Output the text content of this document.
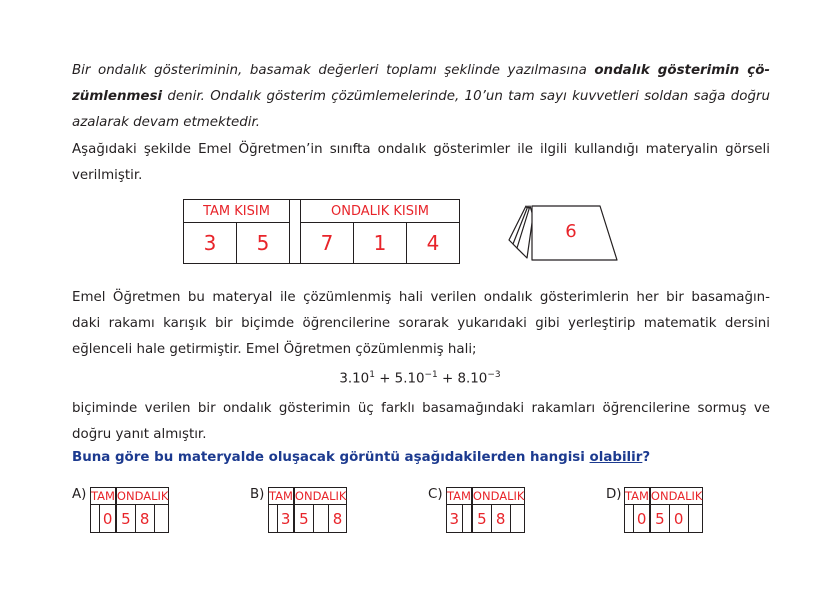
Bir ondalık gösteriminin, basamak değerleri toplamı şeklinde yazılmasına ondalık gösterimin çö-

zümlenmesi denir. Ondalık gösterim çözümlemelerinde, 10’un tam sayı kuvvetleri soldan sağa doğru

azalarak devam etmektedir.

Aşağıdaki şekilde Emel Öğretmen’in sınıfta ondalık gösterimler ile ilgili kullandığı materyalin görseli

verilmiştir.

TAM KISIM			ONDALIK KISIM		
3	5		7	1	4	6

Emel Öğretmen bu materyal ile çözümlenmiş hali verilen ondalık gösterimlerin her bir basamağın-

daki rakamı karışık bir biçimde öğrencilerine sorarak yukarıdaki gibi yerleştirip matematik dersini

eğlenceli hale getirmiştir. Emel Öğretmen çözümlenmiş hali;

$3.10^1 + 5.10^{-1} + 8.10^{-3}$

biçiminde verilen bir ondalık gösterimin üç farklı basamağındaki rakamları öğrencilerine sormuş ve

doğru yanıt almıştır.

Buna göre bu materyalde oluşacak görüntü aşağıdakilerden hangisi olabilir?
A) TAM		ONDALIK		
	0	5	8	
B) TAM		ONDALIK		
	3	5		8
C) TAM		ONDALIK		
3		5	8	
D) TAM		ONDALIK		
	0	5	0	
